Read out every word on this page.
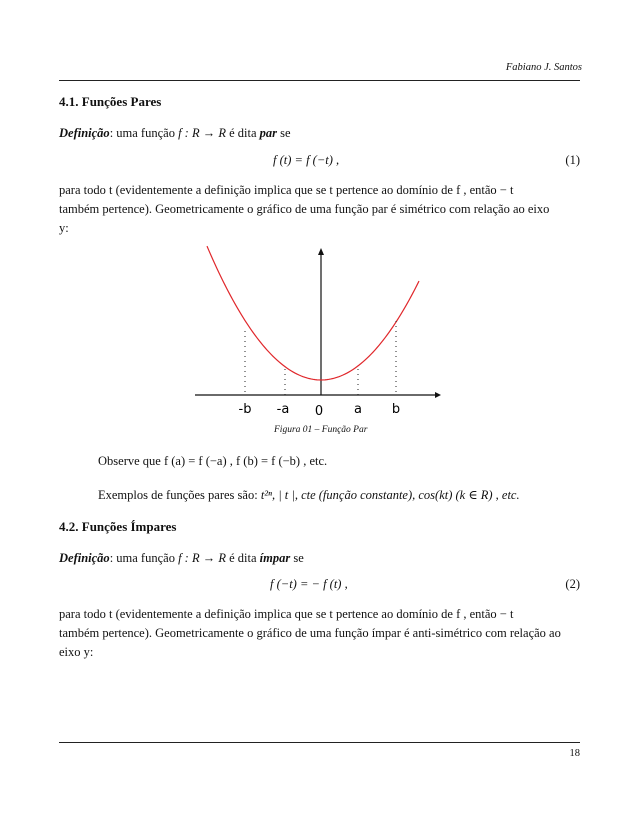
Fabiano J. Santos
4.1. Funções Pares
Definição: uma função f : R → R é dita par se
f (t) = f (−t) ,	(1)
para todo t (evidentemente a definição implica que se t pertence ao domínio de f , então − t
também pertence). Geometricamente o gráfico de uma função par é simétrico com relação ao eixo
y:
-b -a 0 a b
Figura 01 – Função Par
Observe que f (a) = f (−a) , f (b) = f (−b) , etc.
Exemplos de funções pares são: t²ⁿ, | t |, cte (função constante), cos(kt) (k ∈ R) , etc.
4.2. Funções Ímpares
Definição: uma função f : R → R é dita ímpar se
f (−t) = − f (t) ,	(2)
para todo t (evidentemente a definição implica que se t pertence ao domínio de f , então − t
também pertence). Geometricamente o gráfico de uma função ímpar é anti-simétrico com relação ao
eixo y:
18
